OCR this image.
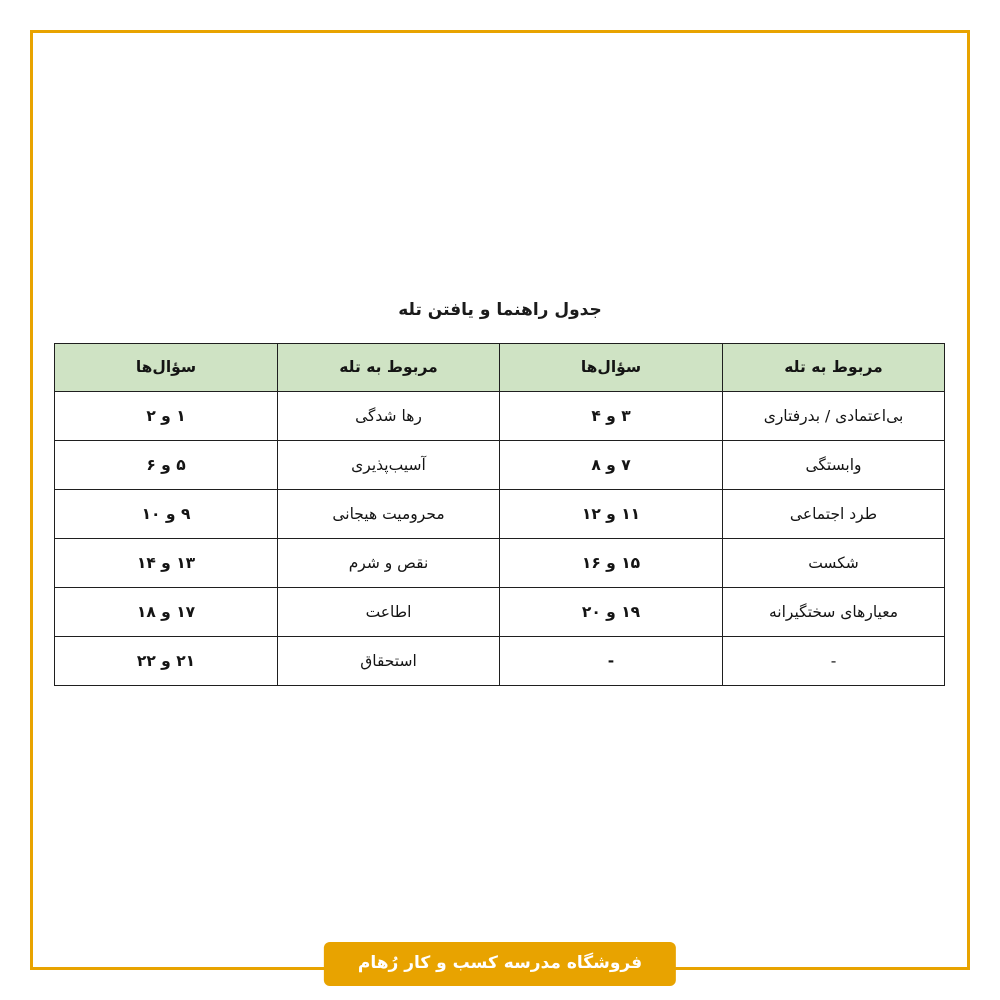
جدول راهنما و یافتن تله
مربوط به تله	سؤال‌ها	مربوط به تله	سؤال‌ها
بی‌اعتمادی / بدرفتاری	۳ و ۴	رها شدگی	۱ و ۲
وابستگی	۷ و ۸	آسیب‌پذیری	۵ و ۶
طرد اجتماعی	۱۱ و ۱۲	محرومیت هیجانی	۹ و ۱۰
شکست	۱۵ و ۱۶	نقص و شرم	۱۳ و ۱۴
معیارهای سختگیرانه	۱۹ و ۲۰	اطاعت	۱۷ و ۱۸
-	-	استحقاق	۲۱ و ۲۲
فروشگاه مدرسه کسب و کار رُهام
